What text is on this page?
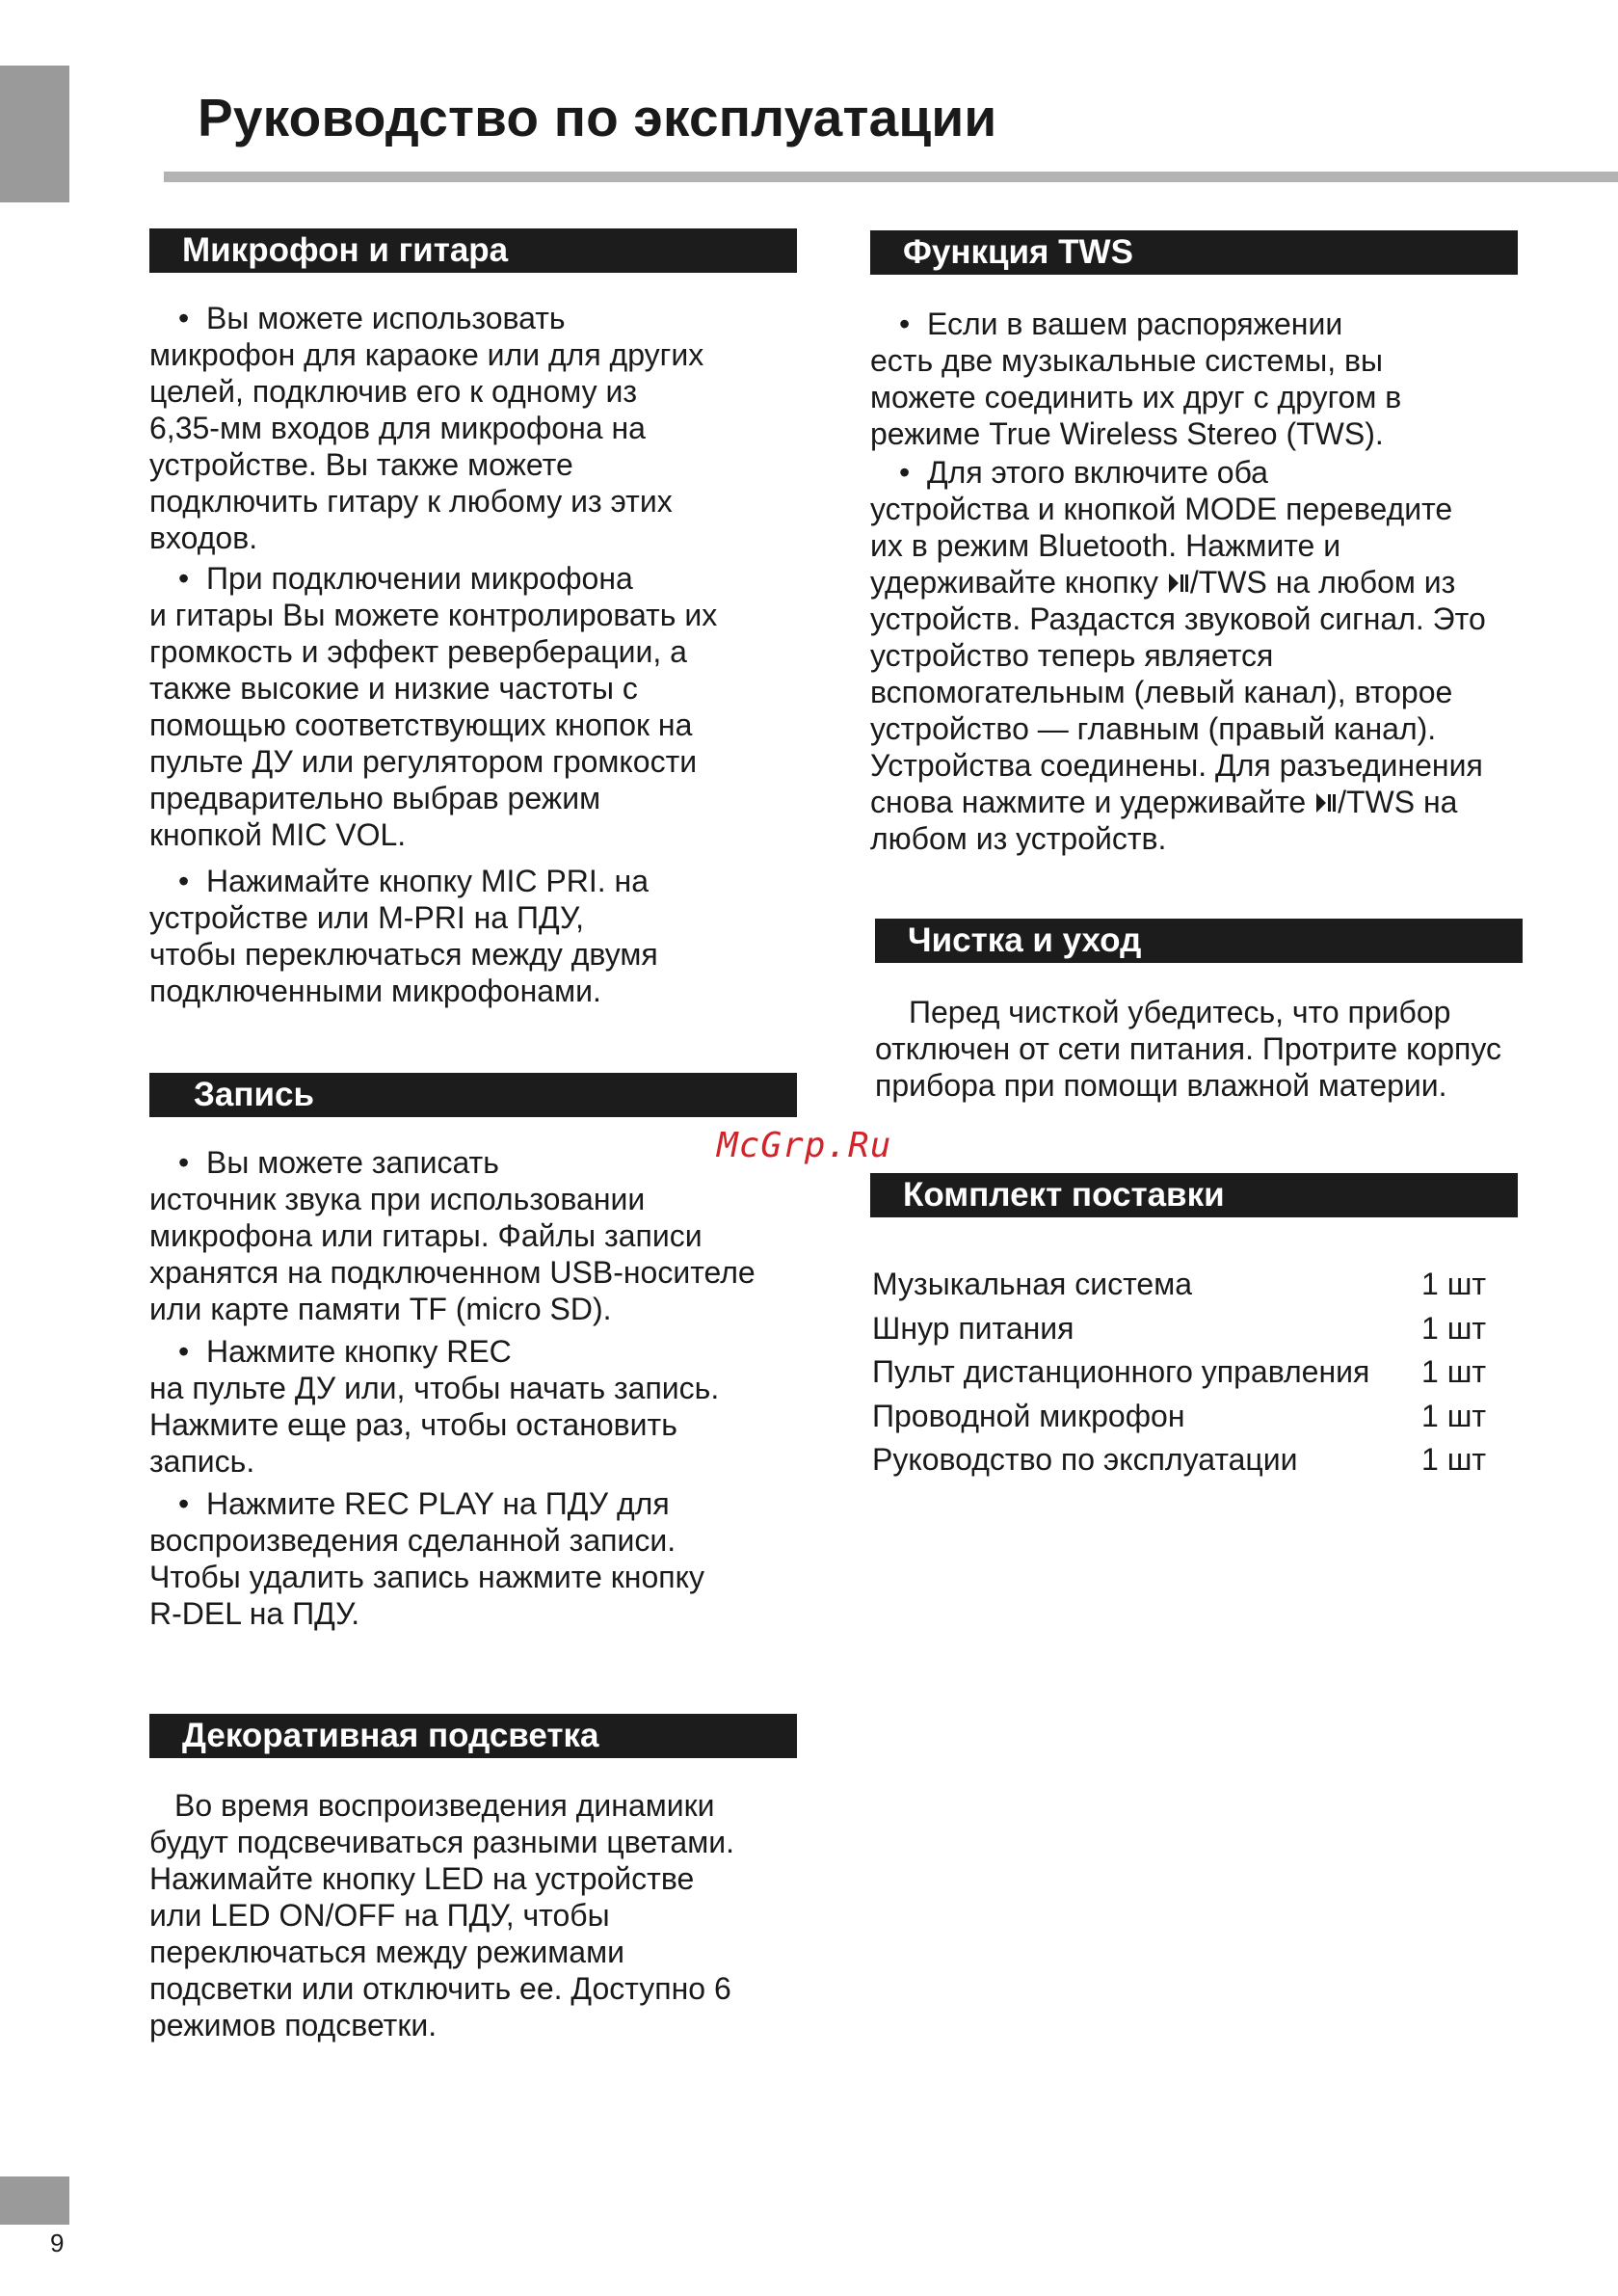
Руководство по эксплуатации
Микрофон и гитара

•  Вы можете использовать
микрофон для караоке или для других
целей, подключив его к одному из
6,35-мм входов для микрофона на
устройстве. Вы также можете
подключить гитару к любому из этих
входов.

•  При подключении микрофона
и гитары Вы можете контролировать их
громкость и эффект реверберации, а
также высокие и низкие частоты с
помощью соответствующих кнопок на
пульте ДУ или регулятором громкости
предварительно выбрав режим
кнопкой MIC VOL.

•  Нажимайте кнопку MIC PRI. на
устройстве или M-PRI на ПДУ,
чтобы переключаться между двумя
подключенными микрофонами.

Запись

•  Вы можете записать
источник звука при использовании
микрофона или гитары. Файлы записи
хранятся на подключенном USB-носителе
или карте памяти TF (micro SD).

•  Нажмите кнопку REC
на пульте ДУ или, чтобы начать запись.
Нажмите еще раз, чтобы остановить
запись.

•  Нажмите REC PLAY на ПДУ для
воспроизведения сделанной записи.
Чтобы удалить запись нажмите кнопку
R-DEL на ПДУ.

Декоративная подсветка

Во время воспроизведения динамики
будут подсвечиваться разными цветами.
Нажимайте кнопку LED на устройстве
или LED ON/OFF на ПДУ, чтобы
переключаться между режимами
подсветки или отключить ее. Доступно 6
режимов подсветки.

Функция TWS

•  Если в вашем распоряжении
есть две музыкальные системы, вы
можете соединить их друг с другом в
режиме True Wireless Stereo (TWS).

•  Для этого включите оба
устройства и кнопкой MODE переведите
их в режим Bluetooth. Нажмите и
удерживайте кнопку /TWS на любом из
устройств. Раздастся звуковой сигнал. Это
устройство теперь является
вспомогательным (левый канал), второе
устройство — главным (правый канал).
Устройства соединены. Для разъединения
снова нажмите и удерживайте /TWS на
любом из устройств.

Чистка и уход

Перед чисткой убедитесь, что прибор
отключен от сети питания. Протрите корпус
прибора при помощи влажной материи.

McGrp.Ru
Комплект поставки
Музыкальная система	1 шт
Шнур питания	1 шт
Пульт дистанционного управления	1 шт
Проводной микрофон	1 шт
Руководство по эксплуатации	1 шт
9
